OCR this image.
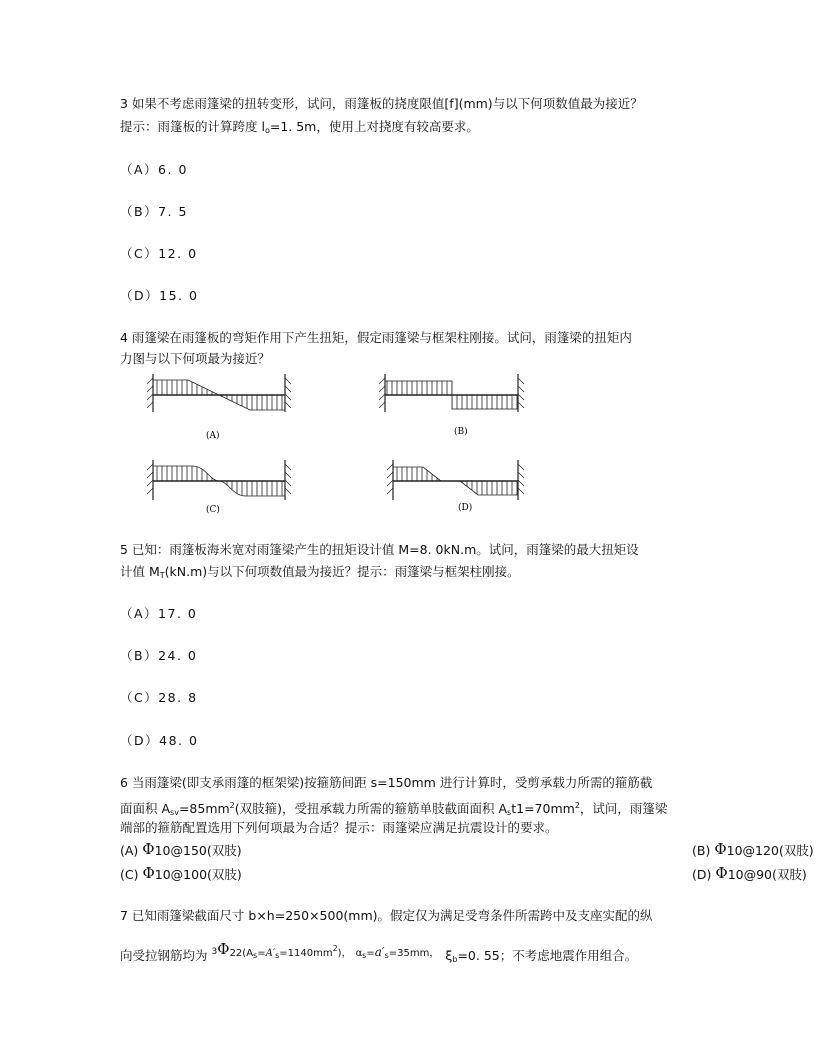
3 如果不考虑雨篷梁的扭转变形，试问，雨篷板的挠度限值[f](mm)与以下何项数值最为接近？
提示：雨篷板的计算跨度 $l_o=1$. 5m，使用上对挠度有较高要求。
（A）6. 0
（B）7. 5
（C）12. 0
（D）15. 0
4 雨篷梁在雨篷板的弯矩作用下产生扭矩，假定雨篷梁与框架柱刚接。试问，雨篷梁的扭矩内
力图与以下何项最为接近？
(A)	(B)
(C)	(D)
5 已知：雨篷板海米宽对雨篷梁产生的扭矩设计值 M=8. 0kN.m。试问，雨篷梁的最大扭矩设
计值 $M_T(kN.m)$与以下何项数值最为接近？提示：雨篷梁与框架柱刚接。
（A）17. 0
（B）24. 0
（C）28. 8
（D）48. 0
6 当雨篷梁(即支承雨篷的框架梁)按箍筋间距 s=150mm 进行计算时，受剪承载力所需的箍筋截
面面积 $A_{sv}=85mm^2$(双肢箍)，受扭承载力所需的箍筋单肢截面面积 $A_st1=70mm^2$，试问，雨篷梁
端部的箍筋配置选用下列何项最为合适？提示：雨篷梁应满足抗震设计的要求。
(A) Φ10@150(双肢)	(B) Φ10@120(双肢)
(C) Φ10@100(双肢)	(D) Φ10@90(双肢)
7 已知雨篷梁截面尺寸 b×h=250×500(mm)。假定仅为满足受弯条件所需跨中及支座实配的纵
向受拉钢筋均为 $^3\Phi^{22(A_s=A'_s=1140mm^2),}$ $^{\alpha_s=a'_s=35mm,}$ $\xi_b=0$. 55；不考虑地震作用组合。
